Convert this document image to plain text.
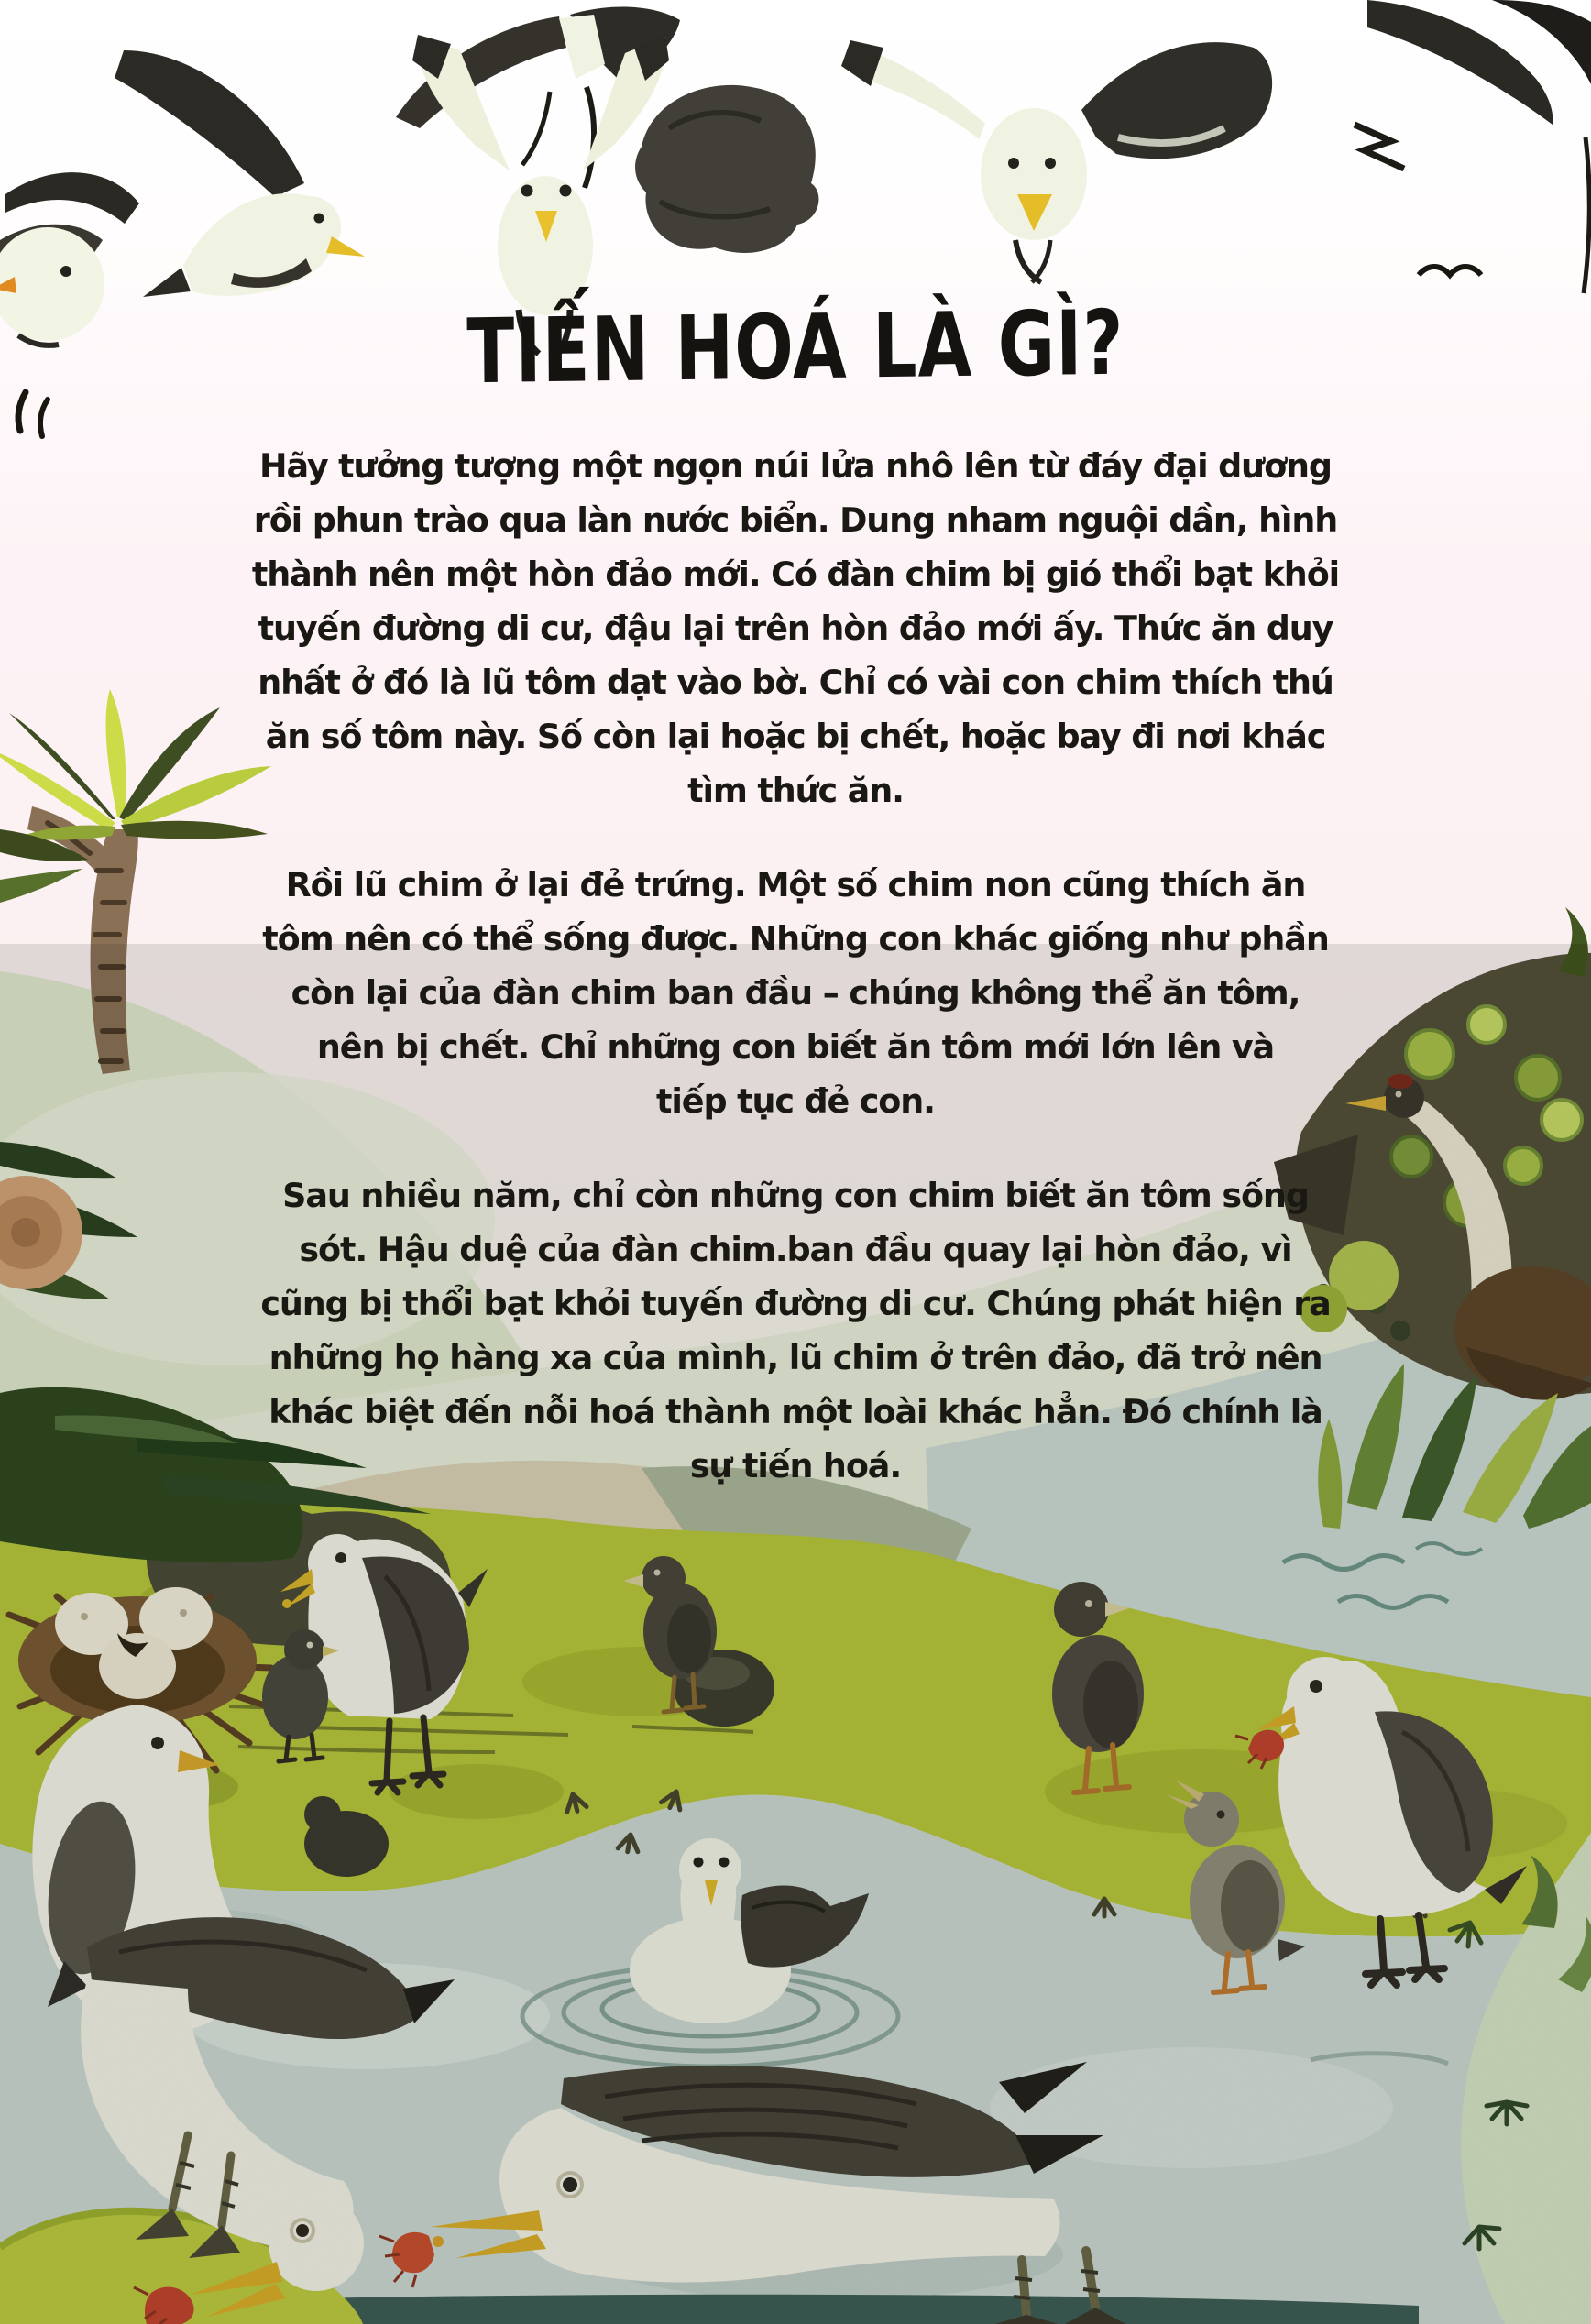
TIẾN HOÁ LÀ GÌ?
Hãy tưởng tượng một ngọn núi lửa nhô lên từ đáy đại dương
rồi phun trào qua làn nước biển. Dung nham nguội dần, hình
thành nên một hòn đảo mới. Có đàn chim bị gió thổi bạt khỏi
tuyến đường di cư, đậu lại trên hòn đảo mới ấy. Thức ăn duy
nhất ở đó là lũ tôm dạt vào bờ. Chỉ có vài con chim thích thú
ăn số tôm này. Số còn lại hoặc bị chết, hoặc bay đi nơi khác
tìm thức ăn.
Rồi lũ chim ở lại đẻ trứng. Một số chim non cũng thích ăn
tôm nên có thể sống được. Những con khác giống như phần
còn lại của đàn chim ban đầu – chúng không thể ăn tôm,
nên bị chết. Chỉ những con biết ăn tôm mới lớn lên và
tiếp tục đẻ con.
Sau nhiều năm, chỉ còn những con chim biết ăn tôm sống
sót. Hậu duệ của đàn chim.ban đầu quay lại hòn đảo, vì
cũng bị thổi bạt khỏi tuyến đường di cư. Chúng phát hiện ra
những họ hàng xa của mình, lũ chim ở trên đảo, đã trở nên
khác biệt đến nỗi hoá thành một loài khác hẳn. Đó chính là
sự tiến hoá.
